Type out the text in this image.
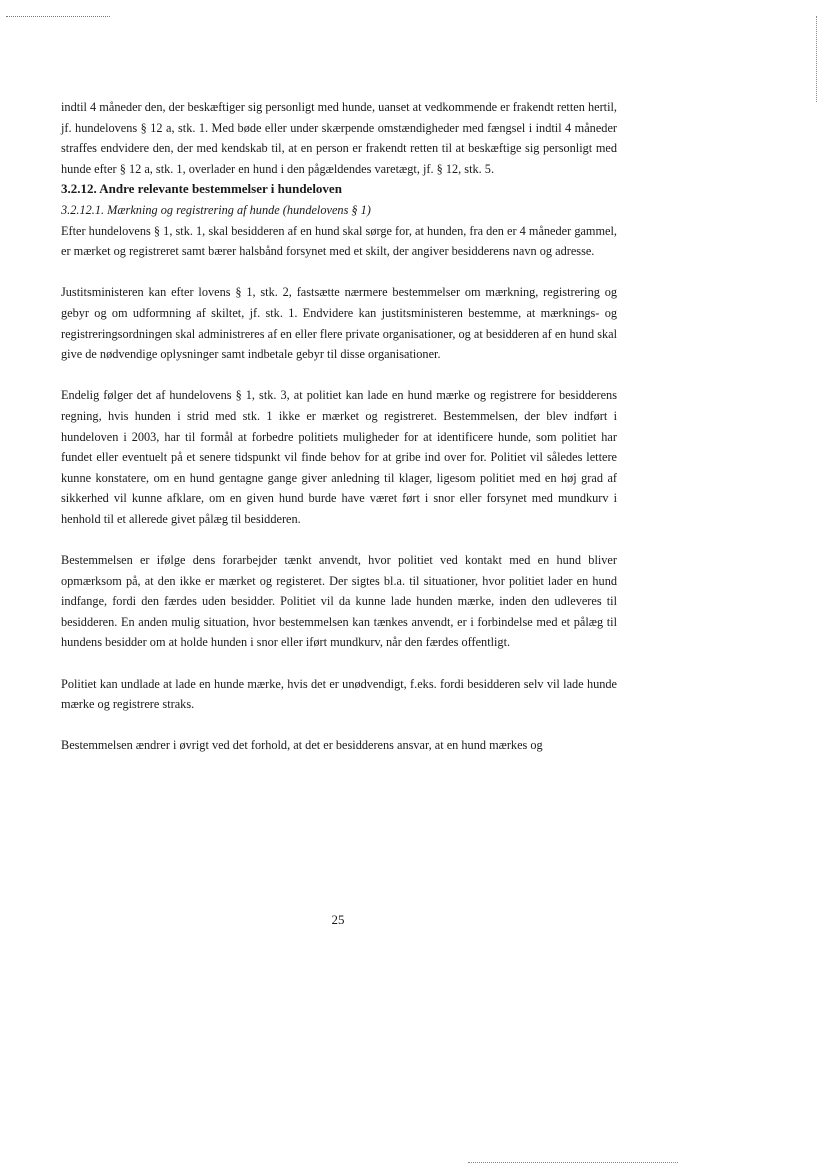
indtil 4 måneder den, der beskæftiger sig personligt med hunde, uanset at vedkommende er frakendt retten hertil, jf. hundelovens § 12 a, stk. 1. Med bøde eller under skærpende omstændigheder med fængsel i indtil 4 måneder straffes endvidere den, der med kendskab til, at en person er frakendt retten til at beskæftige sig personligt med hunde efter § 12 a, stk. 1, overlader en hund i den pågældendes varetægt, jf. § 12, stk. 5.

3.2.12. Andre relevante bestemmelser i hundeloven

3.2.12.1. Mærkning og registrering af hunde (hundelovens § 1)

Efter hundelovens § 1, stk. 1, skal besidderen af en hund skal sørge for, at hunden, fra den er 4 måneder gammel, er mærket og registreret samt bærer halsbånd forsynet med et skilt, der angiver besidderens navn og adresse.

Justitsministeren kan efter lovens § 1, stk. 2, fastsætte nærmere bestemmelser om mærkning, registrering og gebyr og om udformning af skiltet, jf. stk. 1. Endvidere kan justitsministeren bestemme, at mærknings- og registreringsordningen skal administreres af en eller flere private organisationer, og at besidderen af en hund skal give de nødvendige oplysninger samt indbetale gebyr til disse organisationer.

Endelig følger det af hundelovens § 1, stk. 3, at politiet kan lade en hund mærke og registrere for besidderens regning, hvis hunden i strid med stk. 1 ikke er mærket og registreret. Bestemmelsen, der blev indført i hundeloven i 2003, har til formål at forbedre politiets muligheder for at identificere hunde, som politiet har fundet eller eventuelt på et senere tidspunkt vil finde behov for at gribe ind over for. Politiet vil således lettere kunne konstatere, om en hund gentagne gange giver anledning til klager, ligesom politiet med en høj grad af sikkerhed vil kunne afklare, om en given hund burde have været ført i snor eller forsynet med mundkurv i henhold til et allerede givet pålæg til besidderen.

Bestemmelsen er ifølge dens forarbejder tænkt anvendt, hvor politiet ved kontakt med en hund bliver opmærksom på, at den ikke er mærket og registeret. Der sigtes bl.a. til situationer, hvor politiet lader en hund indfange, fordi den færdes uden besidder. Politiet vil da kunne lade hunden mærke, inden den udleveres til besidderen. En anden mulig situation, hvor bestemmelsen kan tænkes anvendt, er i forbindelse med et pålæg til hundens besidder om at holde hunden i snor eller iført mundkurv, når den færdes offentligt.

Politiet kan undlade at lade en hunde mærke, hvis det er unødvendigt, f.eks. fordi besidderen selv vil lade hunde mærke og registrere straks.

Bestemmelsen ændrer i øvrigt ved det forhold, at det er besidderens ansvar, at en hund mærkes og

25
